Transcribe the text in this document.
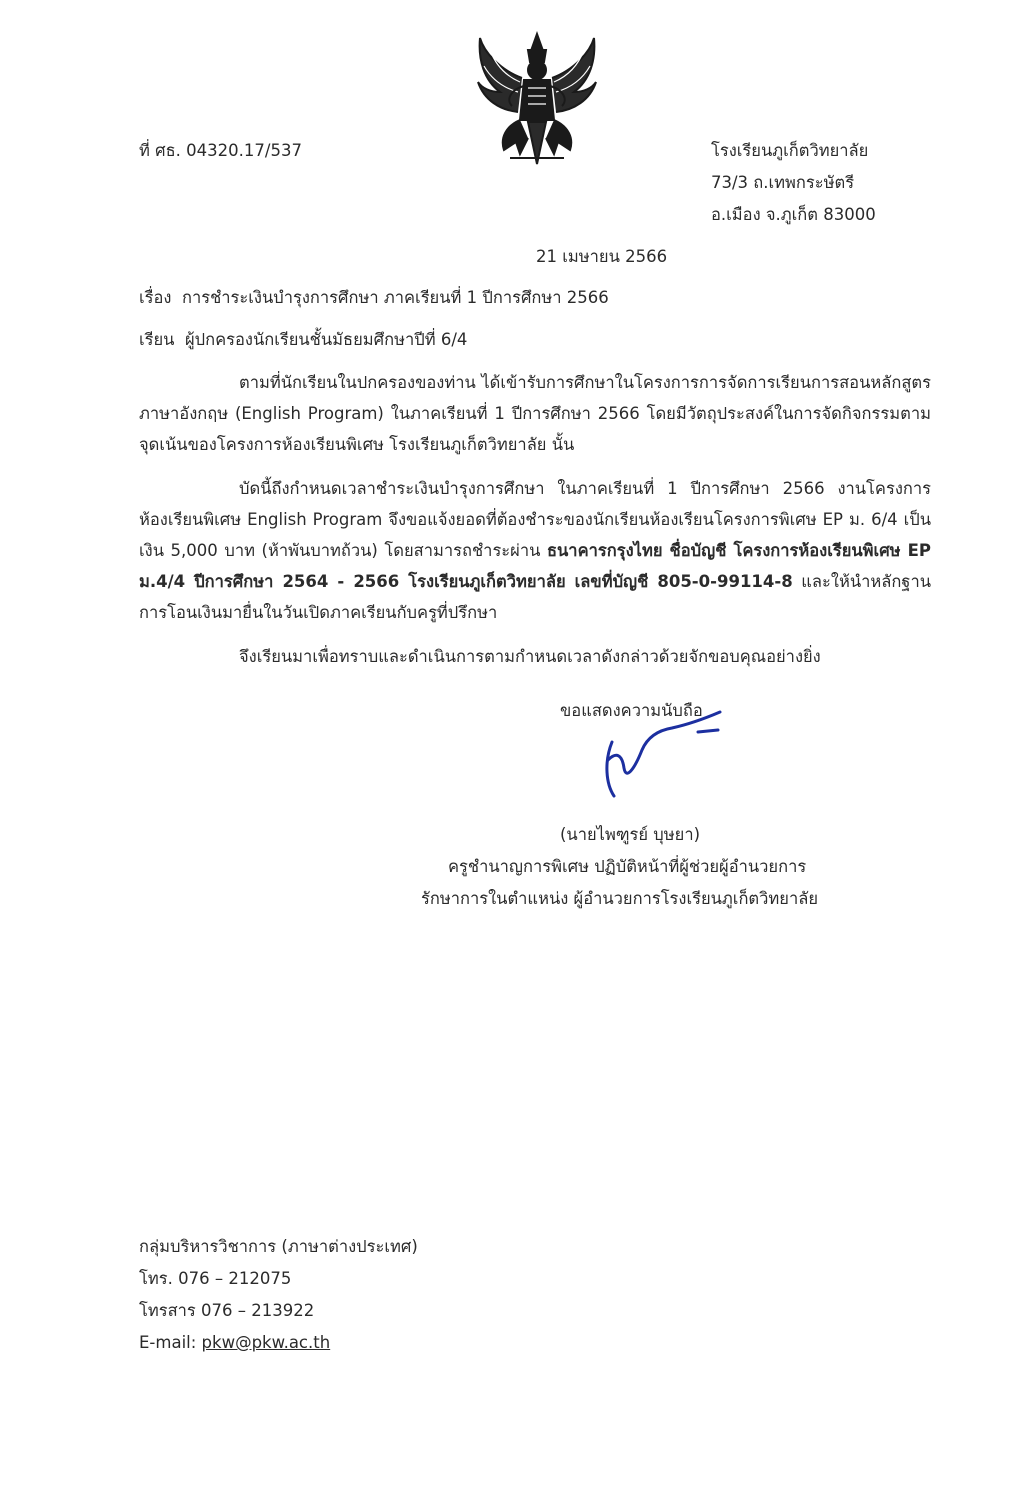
ที่ ศธ. 04320.17/537	โรงเรียนภูเก็ตวิทยาลัย
73/3 ถ.เทพกระษัตรี
อ.เมือง จ.ภูเก็ต 83000
21 เมษายน 2566
เรื่อง การชำระเงินบำรุงการศึกษา ภาคเรียนที่ 1 ปีการศึกษา 2566
เรียน ผู้ปกครองนักเรียนชั้นมัธยมศึกษาปีที่ 6/4
ตามที่นักเรียนในปกครองของท่าน ได้เข้ารับการศึกษาในโครงการการจัดการเรียนการสอนหลักสูตรภาษาอังกฤษ (English Program) ในภาคเรียนที่ 1 ปีการศึกษา 2566 โดยมีวัตถุประสงค์ในการจัดกิจกรรมตามจุดเน้นของโครงการห้องเรียนพิเศษ โรงเรียนภูเก็ตวิทยาลัย นั้น
บัดนี้ถึงกำหนดเวลาชำระเงินบำรุงการศึกษา ในภาคเรียนที่ 1 ปีการศึกษา 2566 งานโครงการห้องเรียนพิเศษ English Program จึงขอแจ้งยอดที่ต้องชำระของนักเรียนห้องเรียนโครงการพิเศษ EP ม. 6/4 เป็นเงิน 5,000 บาท (ห้าพันบาทถ้วน) โดยสามารถชำระผ่าน ธนาคารกรุงไทย ชื่อบัญชี โครงการห้องเรียนพิเศษ EP ม.4/4 ปีการศึกษา 2564 - 2566 โรงเรียนภูเก็ตวิทยาลัย เลขที่บัญชี 805-0-99114-8 และให้นำหลักฐานการโอนเงินมายื่นในวันเปิดภาคเรียนกับครูที่ปรึกษา
จึงเรียนมาเพื่อทราบและดำเนินการตามกำหนดเวลาดังกล่าวด้วยจักขอบคุณอย่างยิ่ง
ขอแสดงความนับถือ
(นายไพฑูรย์ บุษยา)
ครูชำนาญการพิเศษ ปฏิบัติหน้าที่ผู้ช่วยผู้อำนวยการ
รักษาการในตำแหน่ง ผู้อำนวยการโรงเรียนภูเก็ตวิทยาลัย
กลุ่มบริหารวิชาการ (ภาษาต่างประเทศ)
โทร. 076 – 212075
โทรสาร 076 – 213922
E-mail: pkw@pkw.ac.th
